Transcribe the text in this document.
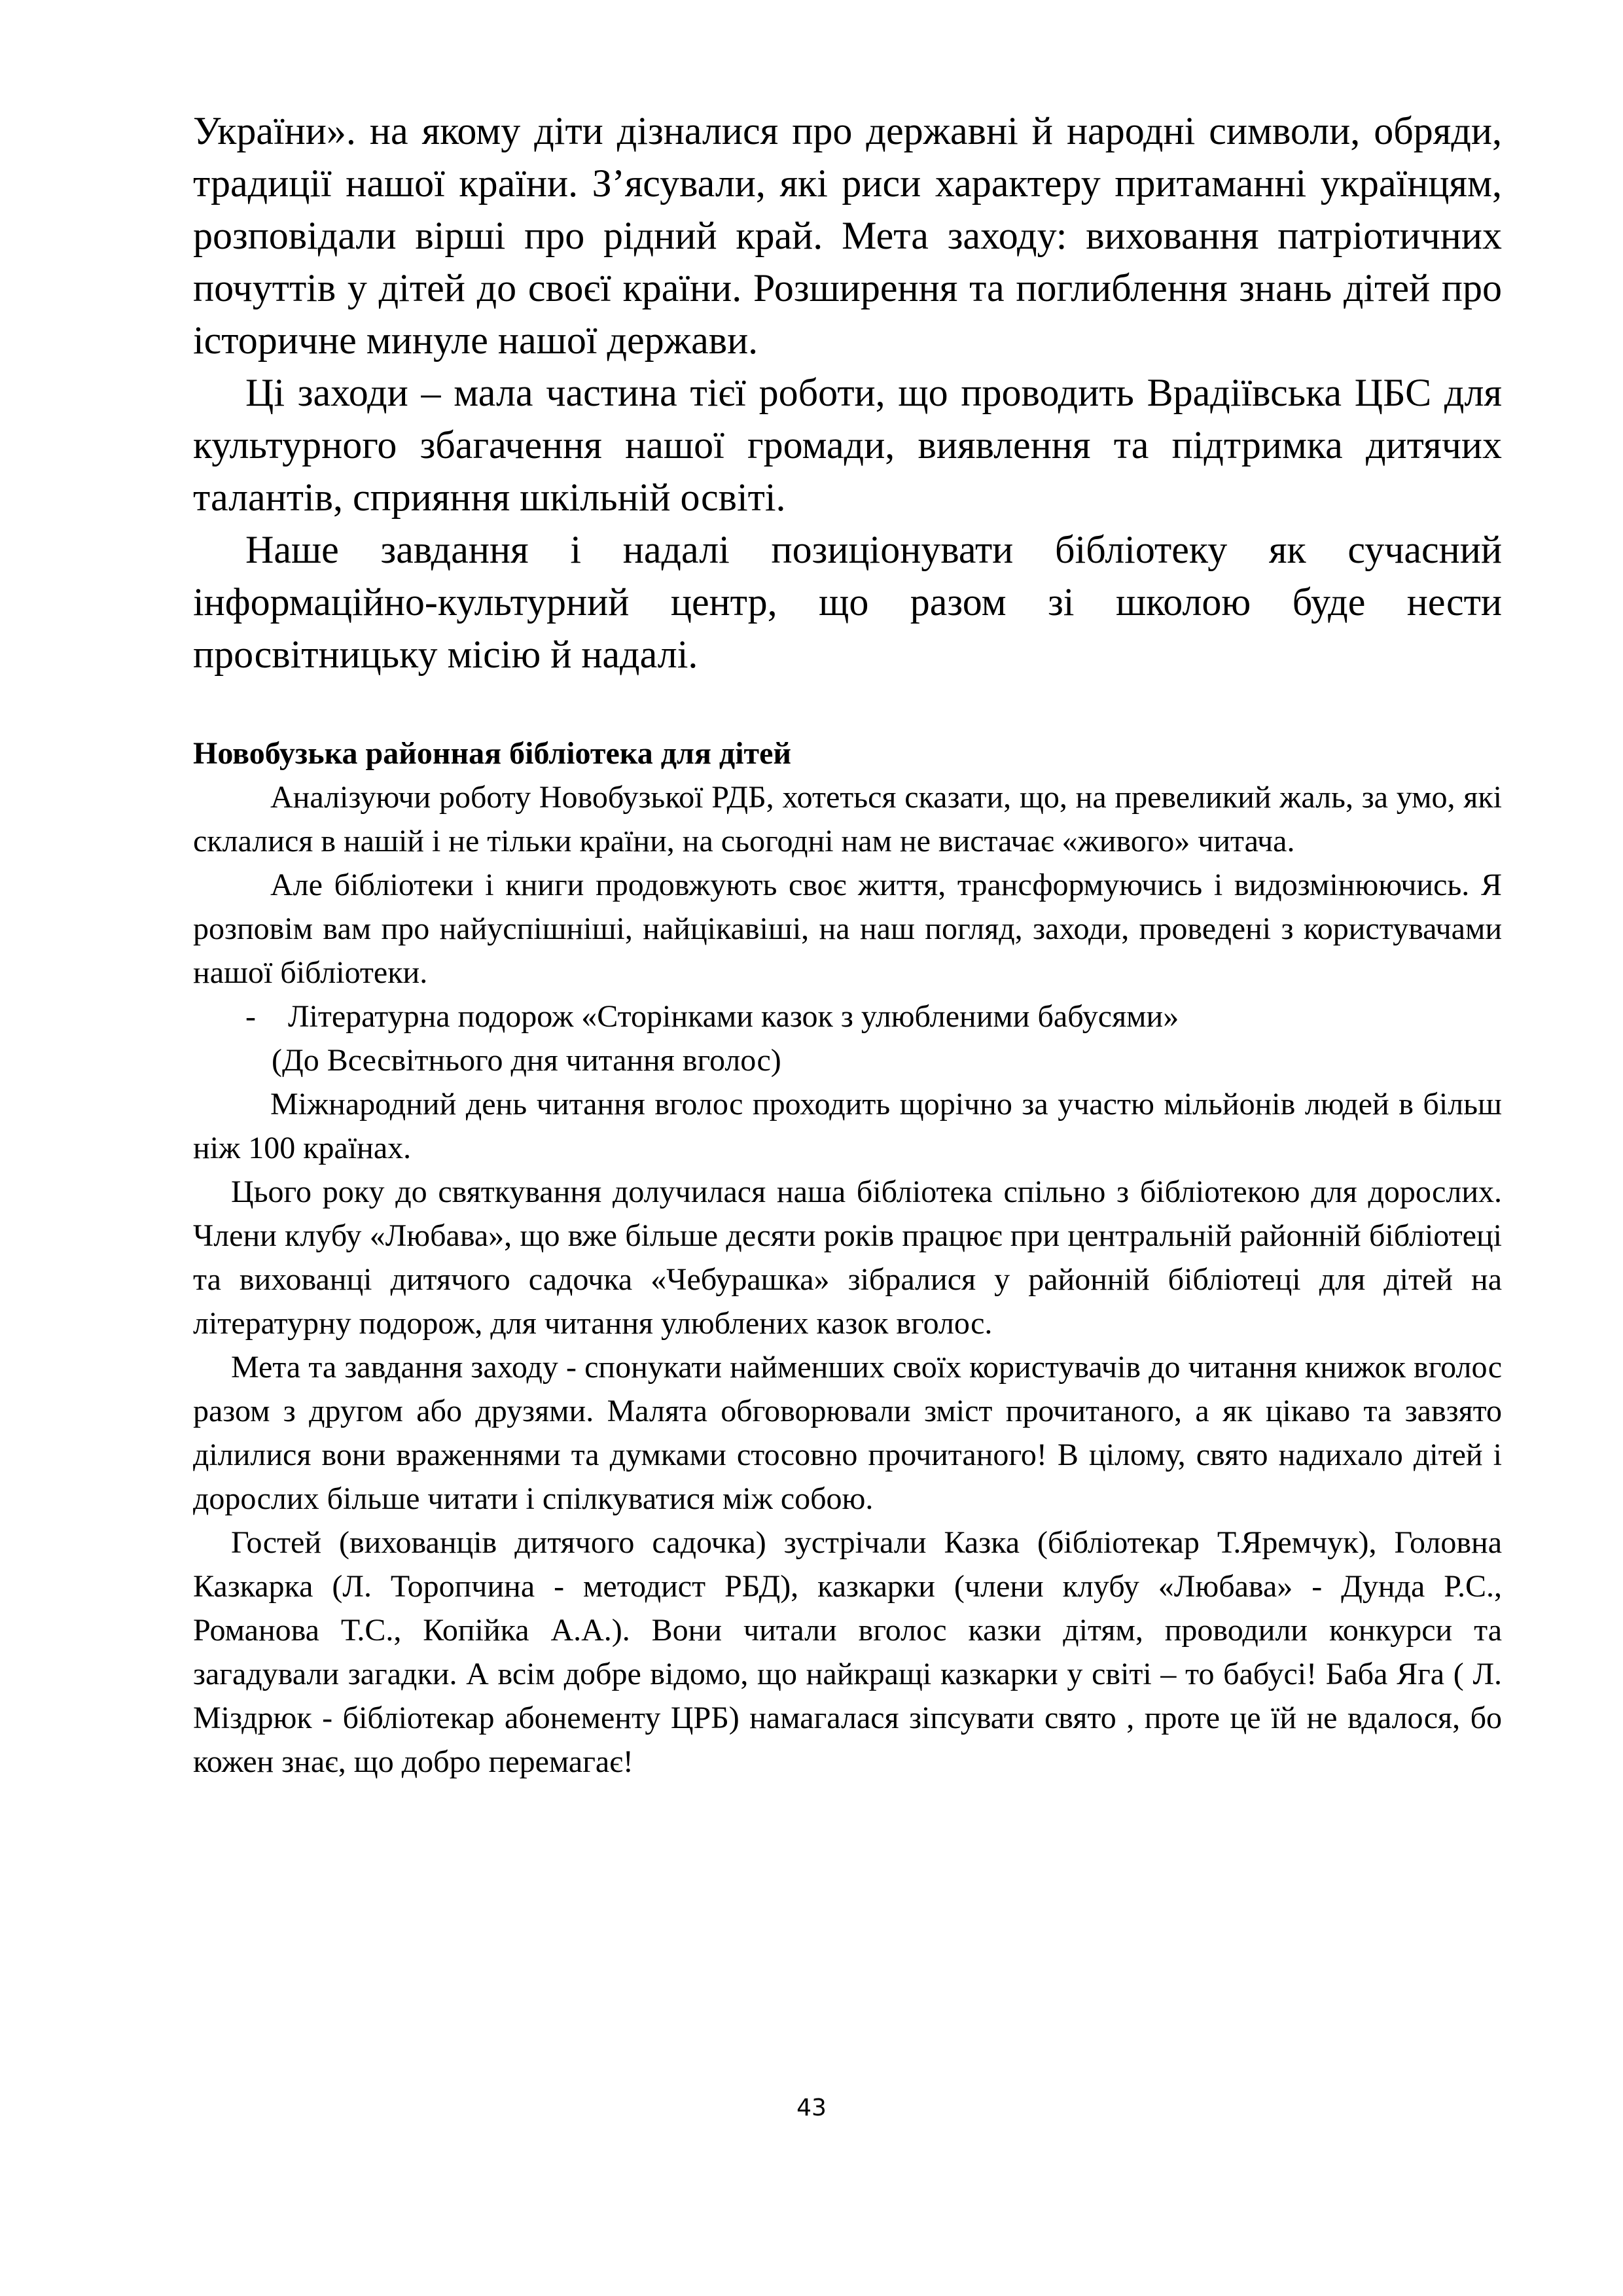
України». на якому діти дізналися про державні й народні символи, обряди, традиції нашої країни. З’ясували, які риси характеру притаманні українцям, розповідали вірші про рідний край. Мета заходу: виховання патріотичних почуттів у дітей до своєї країни. Розширення та поглиблення знань дітей про історичне минуле нашої держави.

Ці заходи – мала частина тієї роботи, що проводить Врадіївська ЦБС для культурного збагачення нашої громади, виявлення та підтримка дитячих талантів, сприяння шкільній освіті.

Наше завдання і надалі позиціонувати бібліотеку як сучасний інформаційно-культурний центр, що разом зі школою буде нести просвітницьку місію й надалі.

Новобузька районная бібліотека для дітей

Аналізуючи роботу Новобузької РДБ, хотеться сказати, що, на превеликий жаль, за умо, які склалися в нашій і не тільки країни, на сьогодні нам не вистачає «живого» читача.

Але бібліотеки і книги продовжують своє життя, трансформуючись і видозмінюючись. Я розповім вам про найуспішніші, найцікавіші, на наш погляд, заходи, проведені з користувачами нашої бібліотеки.

-	Літературна подорож «Сторінками казок з улюбленими бабусями»

(До Всесвітнього дня читання вголос)

Міжнародний день читання вголос проходить щорічно за участю мільйонів людей в більш ніж 100 країнах.

Цього року до святкування долучилася наша бібліотека спільно з бібліотекою для дорослих. Члени клубу «Любава», що вже більше десяти років працює при центральній районній бібліотеці та вихованці дитячого садочка «Чебурашка» зібралися у районній бібліотеці для дітей на літературну подорож, для читання улюблених казок вголос.

Мета та завдання заходу - спонукати найменших своїх користувачів до читання книжок вголос разом з другом або друзями. Малята обговорювали зміст прочитаного, а як цікаво та завзято ділилися вони враженнями та думками стосовно прочитаного! В цілому, свято надихало дітей і дорослих більше читати і спілкуватися між собою.

Гостей (вихованців дитячого садочка) зустрічали Казка (бібліотекар Т.Яремчук), Головна Казкарка (Л. Торопчина - методист РБД), казкарки (члени клубу «Любава» - Дунда Р.С., Романова Т.С., Копійка А.А.). Вони читали вголос казки дітям, проводили конкурси та загадували загадки. А всім добре відомо, що найкращі казкарки у світі – то бабусі! Баба Яга ( Л. Міздрюк - бібліотекар абонементу ЦРБ) намагалася зіпсувати свято , проте це їй не вдалося, бо кожен знає, що добро перемагає!

43
